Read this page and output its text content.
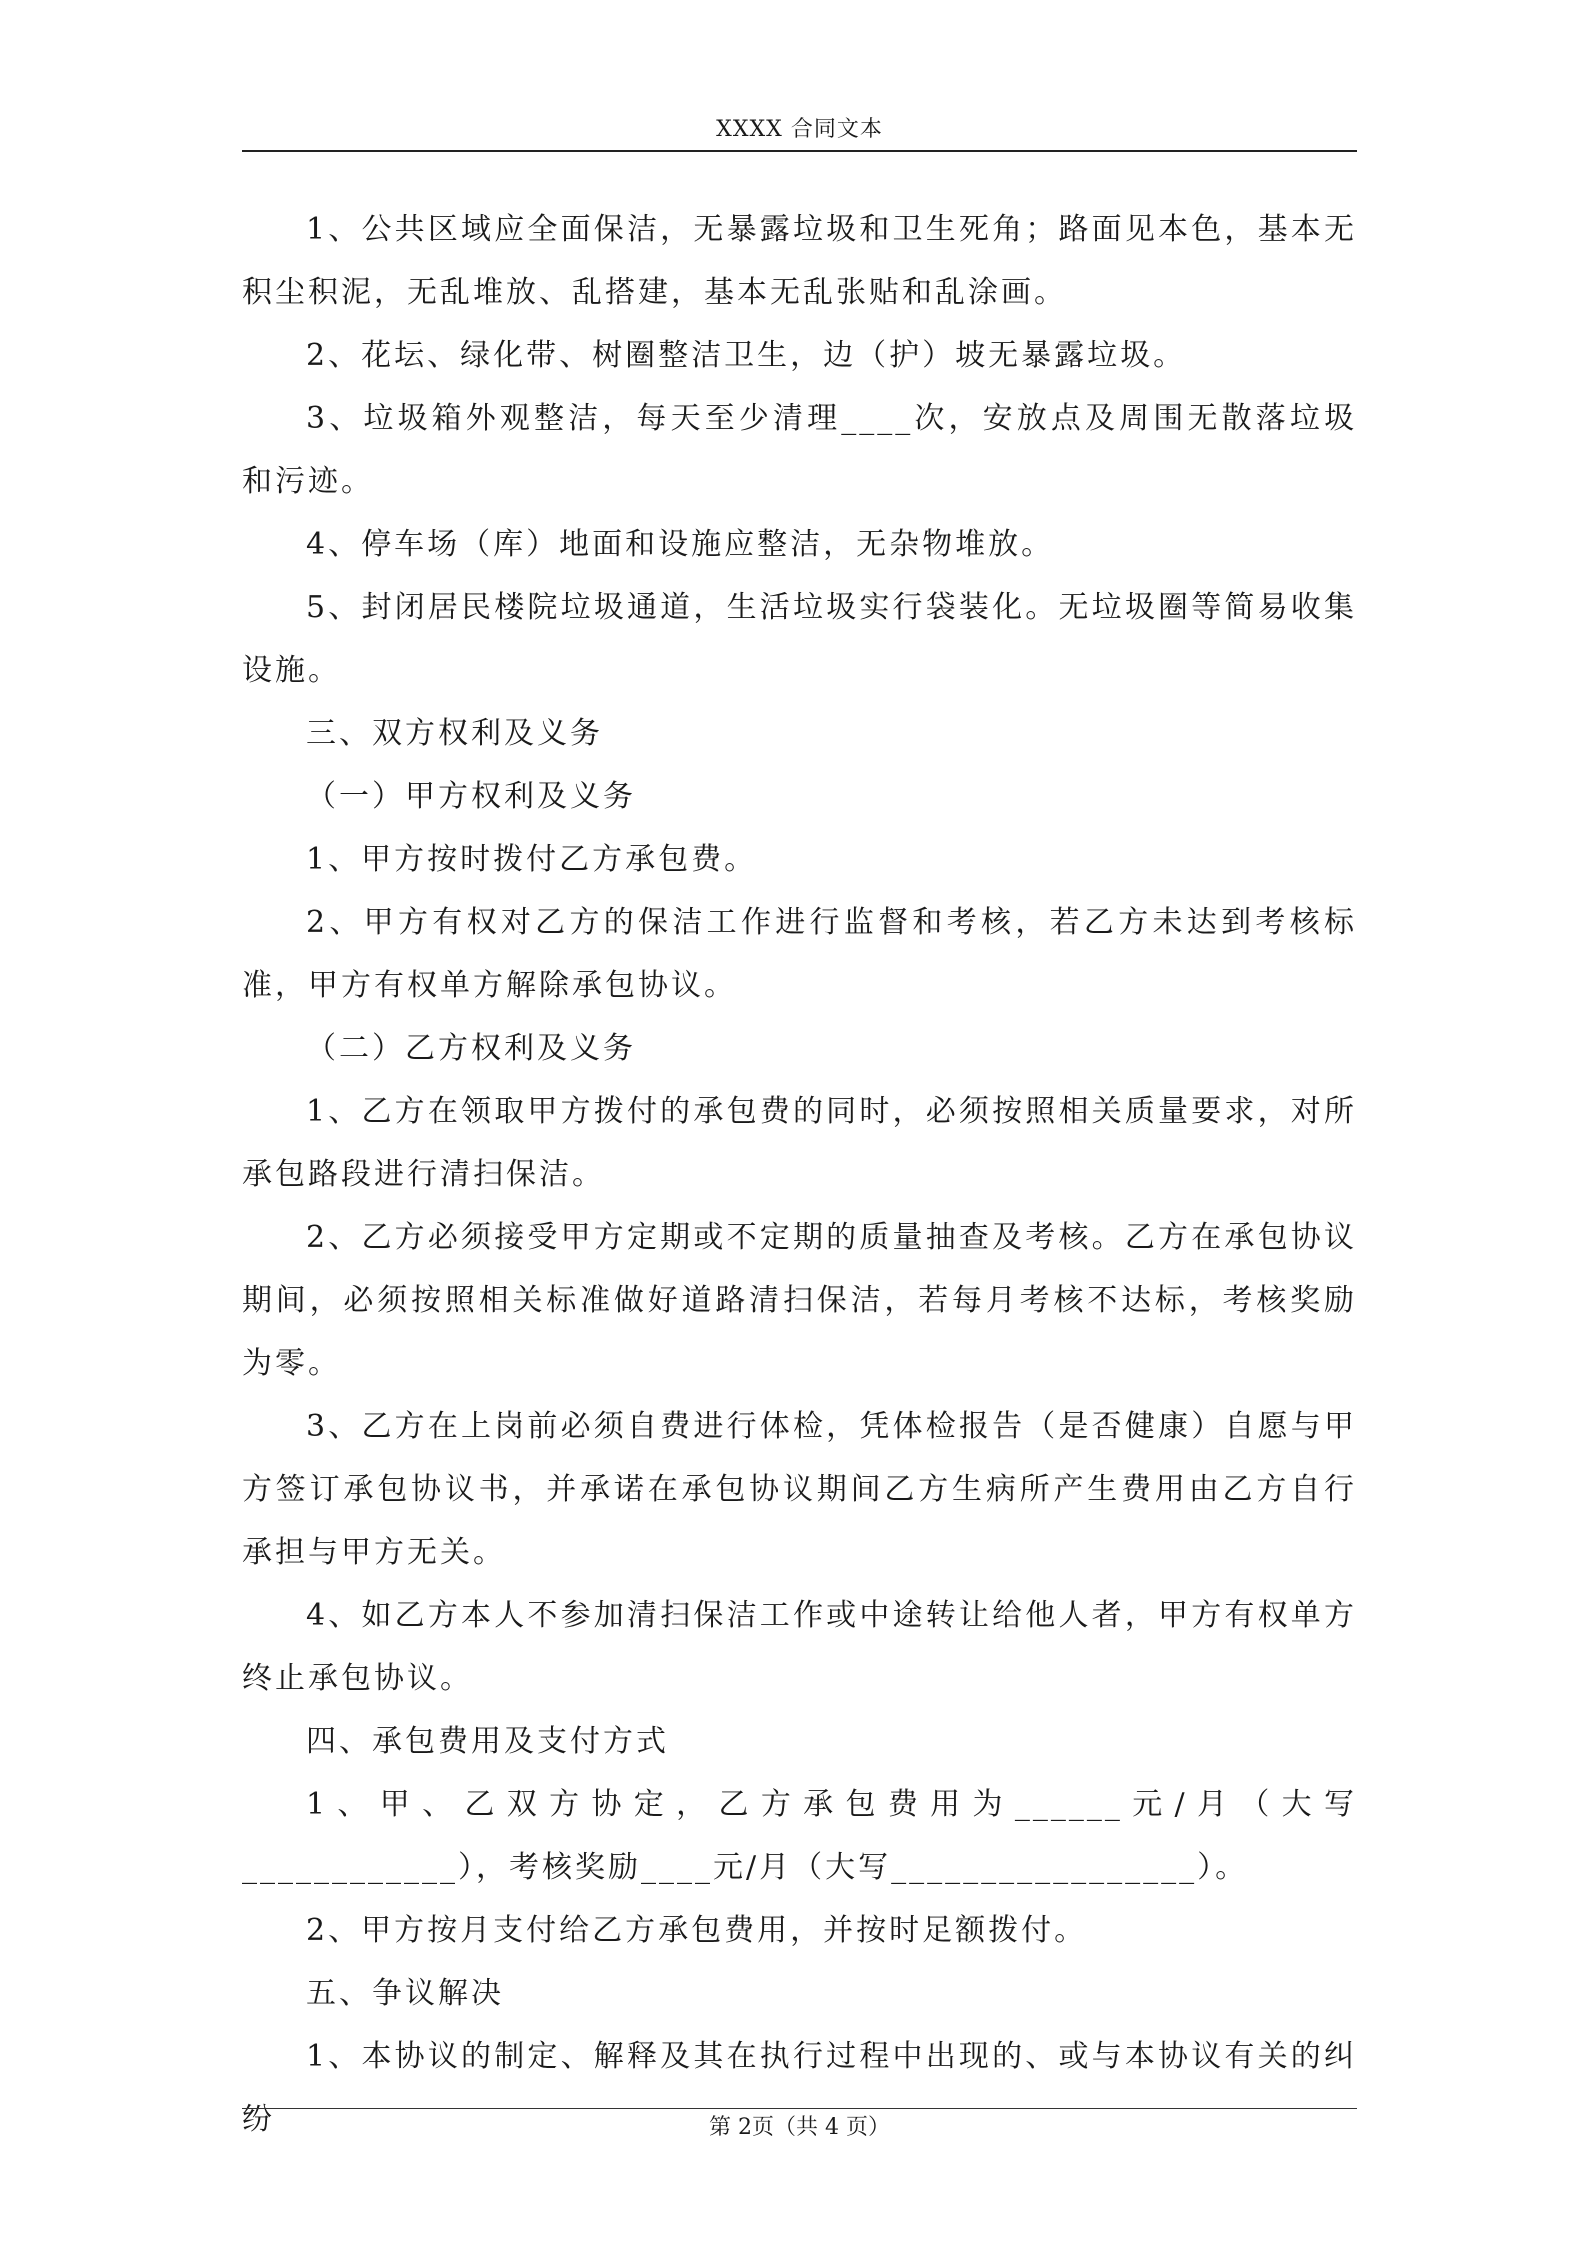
XXXX 合同文本

1、公共区域应全面保洁，无暴露垃圾和卫生死角；路面见本色，基本无积尘积泥，无乱堆放、乱搭建，基本无乱张贴和乱涂画。

2、花坛、绿化带、树圈整洁卫生，边（护）坡无暴露垃圾。

3、垃圾箱外观整洁，每天至少清理____次，安放点及周围无散落垃圾和污迹。

4、停车场（库）地面和设施应整洁，无杂物堆放。

5、封闭居民楼院垃圾通道，生活垃圾实行袋装化。无垃圾圈等简易收集设施。

三、双方权利及义务

（一）甲方权利及义务

1、甲方按时拨付乙方承包费。

2、甲方有权对乙方的保洁工作进行监督和考核，若乙方未达到考核标准，甲方有权单方解除承包协议。

（二）乙方权利及义务

1、乙方在领取甲方拨付的承包费的同时，必须按照相关质量要求，对所承包路段进行清扫保洁。

2、乙方必须接受甲方定期或不定期的质量抽查及考核。乙方在承包协议期间，必须按照相关标准做好道路清扫保洁，若每月考核不达标，考核奖励为零。

3、乙方在上岗前必须自费进行体检，凭体检报告（是否健康）自愿与甲方签订承包协议书，并承诺在承包协议期间乙方生病所产生费用由乙方自行承担与甲方无关。

4、如乙方本人不参加清扫保洁工作或中途转让给他人者，甲方有权单方终止承包协议。

四、承包费用及支付方式

1、甲、乙双方协定，乙方承包费用为______元/月（大写____________），考核奖励____元/月（大写_________________）。

2、甲方按月支付给乙方承包费用，并按时足额拨付。

五、争议解决

1、本协议的制定、解释及其在执行过程中出现的、或与本协议有关的纠纷	第 2页（共 4 页）
